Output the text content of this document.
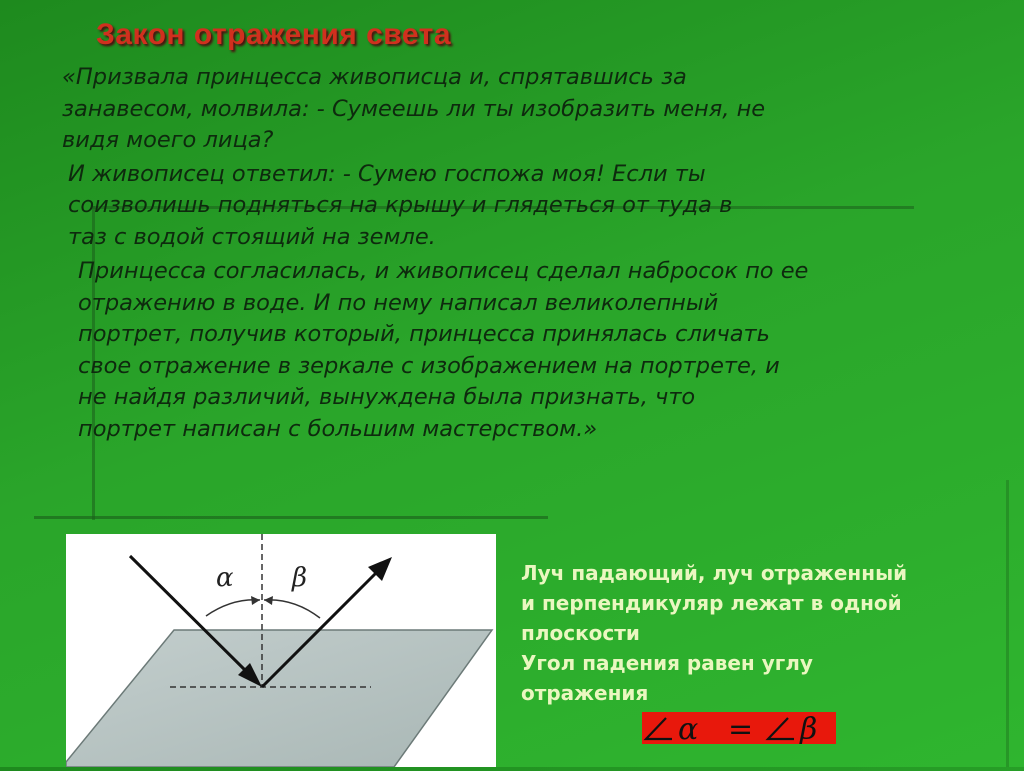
Закон отражения света

«Призвала принцесса живописца и, спрятавшись за
занавесом, молвила: - Сумеешь ли ты изобразить меня, не
видя моего лица?

И живописец ответил: - Сумею госпожа моя! Если ты
соизволишь подняться на крышу и глядеться от туда в
таз с водой стоящий на земле.

Принцесса согласилась, и живописец сделал набросок по ее
отражению в воде. И по нему написал великолепный
портрет, получив который, принцесса принялась сличать
свое отражение в зеркале с изображением на портрете, и
не найдя различий, вынуждена была признать, что
портрет написан с большим мастерством.»

α β	Луч падающий, луч отраженный
и перпендикуляр лежат в одной
плоскости
Угол падения равен углу
отражения
α = β
